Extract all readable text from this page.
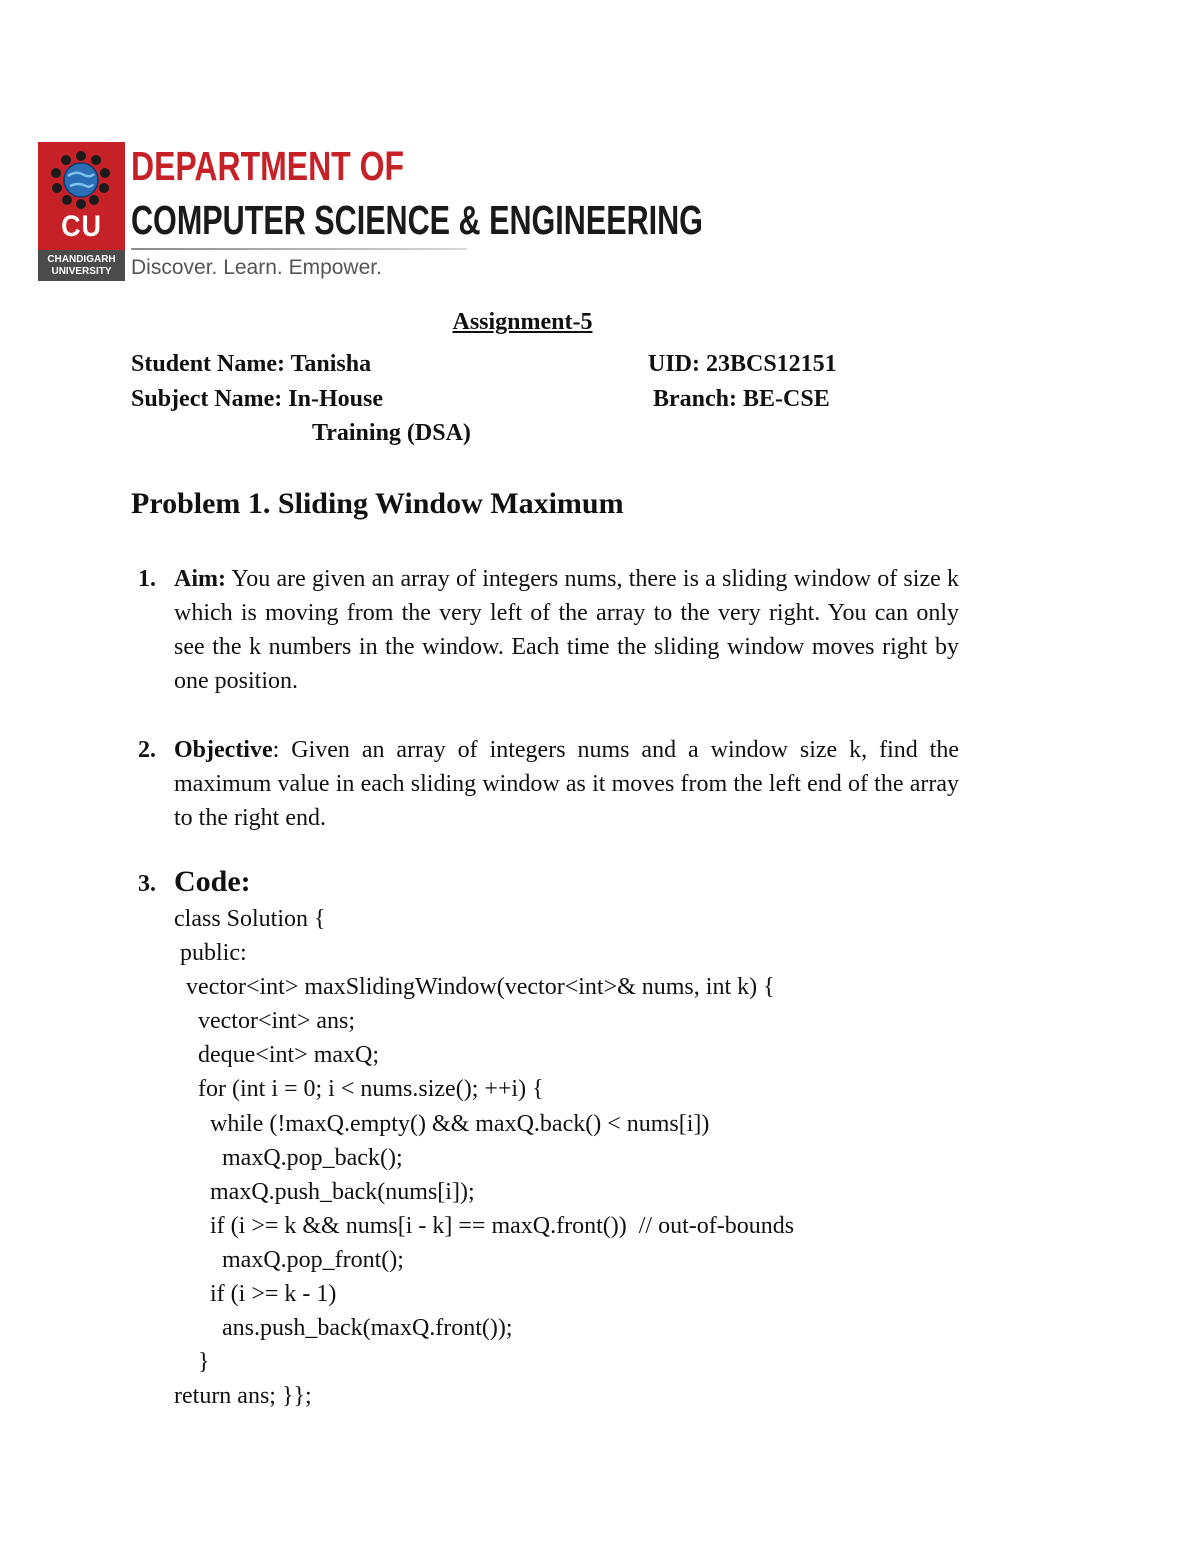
CU
CHANDIGARH
UNIVERSITY
DEPARTMENT OF
COMPUTER SCIENCE & ENGINEERING
Discover. Learn. Empower.
Assignment-5
Student Name: Tanisha	UID: 23BCS12151
Subject Name: In-House	Branch: BE-CSE
Training (DSA)
Problem 1. Sliding Window Maximum
1. Aim: You are given an array of integers nums, there is a sliding window of size k which is moving from the very left of the array to the very right. You can only see the k numbers in the window. Each time the sliding window moves right by one position.
2. Objective: Given an array of integers nums and a window size k, find the maximum value in each sliding window as it moves from the left end of the array to the right end.
3. Code:
class Solution {
public:
vector<int> maxSlidingWindow(vector<int>& nums, int k) {
vector<int> ans;
deque<int> maxQ;
for (int i = 0; i < nums.size(); ++i) {
while (!maxQ.empty() && maxQ.back() < nums[i])
maxQ.pop_back();
maxQ.push_back(nums[i]);
if (i >= k && nums[i - k] == maxQ.front())  // out-of-bounds
maxQ.pop_front();
if (i >= k - 1)
ans.push_back(maxQ.front());
}
return ans; }};
